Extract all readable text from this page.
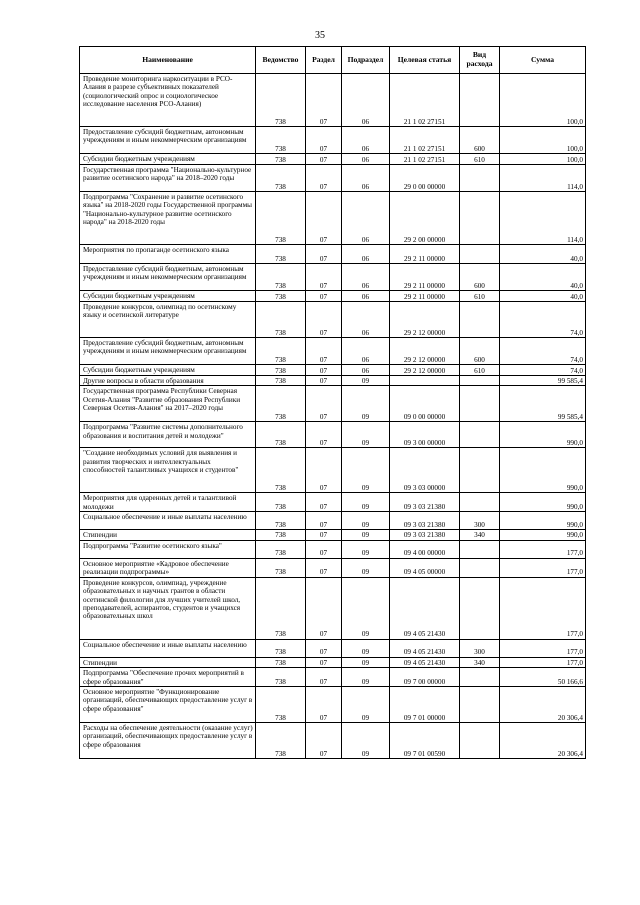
35
Наименование	Ведомство	Раздел	Подраздел	Целевая статья	Вид расхода	Сумма
Проведение мониторинга наркоситуации в РСО-Алания в разрезе субъективных показателей (социологический опрос и социологическое исследование населения РСО-Алания)	738	07	06	21 1 02 27151		100,0
Предоставление субсидий бюджетным, автономным учреждениям и иным некоммерческим организациям	738	07	06	21 1 02 27151	600	100,0
Субсидии бюджетным учреждениям	738	07	06	21 1 02 27151	610	100,0
Государственная программа "Национально-культурное развитие осетинского народа" на 2018–2020 годы	738	07	06	29 0 00 00000		114,0
Подпрограмма "Сохранение и развитие осетинского языка" на 2018-2020 годы Государственной программы "Национально-культурное развитие осетинского народа" на 2018-2020 годы	738	07	06	29 2 00 00000		114,0
Мероприятия по пропаганде осетинского языка	738	07	06	29 2 11 00000		40,0
Предоставление субсидий бюджетным, автономным учреждениям и иным некоммерческим организациям	738	07	06	29 2 11 00000	600	40,0
Субсидии бюджетным учреждениям	738	07	06	29 2 11 00000	610	40,0
Проведение конкурсов, олимпиад по осетинскому языку и осетинской литературе	738	07	06	29 2 12 00000		74,0
Предоставление субсидий бюджетным, автономным учреждениям и иным некоммерческим организациям	738	07	06	29 2 12 00000	600	74,0
Субсидии бюджетным учреждениям	738	07	06	29 2 12 00000	610	74,0
Другие вопросы в области образования	738	07	09			99 585,4
Государственная программа Республики Северная Осетия-Алания "Развитие образования Республики Северная Осетия-Алания" на 2017–2020 годы	738	07	09	09 0 00 00000		99 585,4
Подпрограмма "Развитие системы дополнительного образования и воспитания детей и молодежи"	738	07	09	09 3 00 00000		990,0
"Создание необходимых условий для выявления и развития творческих и интеллектуальных способностей талантливых учащихся и студентов"	738	07	09	09 3 03 00000		990,0
Мероприятия для одаренных детей и талантливой молодежи	738	07	09	09 3 03 21380		990,0
Социальное обеспечение и иные выплаты населению	738	07	09	09 3 03 21380	300	990,0
Стипендии	738	07	09	09 3 03 21380	340	990,0
Подпрограмма "Развитие осетинского языка"	738	07	09	09 4 00 00000		177,0
Основное мероприятие «Кадровое обеспечение реализации подпрограммы»	738	07	09	09 4 05 00000		177,0
Проведение конкурсов, олимпиад, учреждение образовательных и научных грантов в области осетинской филологии для лучших учителей школ, преподавателей, аспирантов, студентов и учащихся образовательных школ	738	07	09	09 4 05 21430		177,0
Социальное обеспечение и иные выплаты населению	738	07	09	09 4 05 21430	300	177,0
Стипендии	738	07	09	09 4 05 21430	340	177,0
Подпрограмма "Обеспечение прочих мероприятий в сфере образования"	738	07	09	09 7 00 00000		50 166,6
Основное мероприятие "Функционирование организаций, обеспечивающих предоставление услуг в сфере образования"	738	07	09	09 7 01 00000		20 306,4
Расходы на обеспечение деятельности (оказание услуг) организаций, обеспечивающих предоставление услуг в сфере образования	738	07	09	09 7 01 00590		20 306,4
